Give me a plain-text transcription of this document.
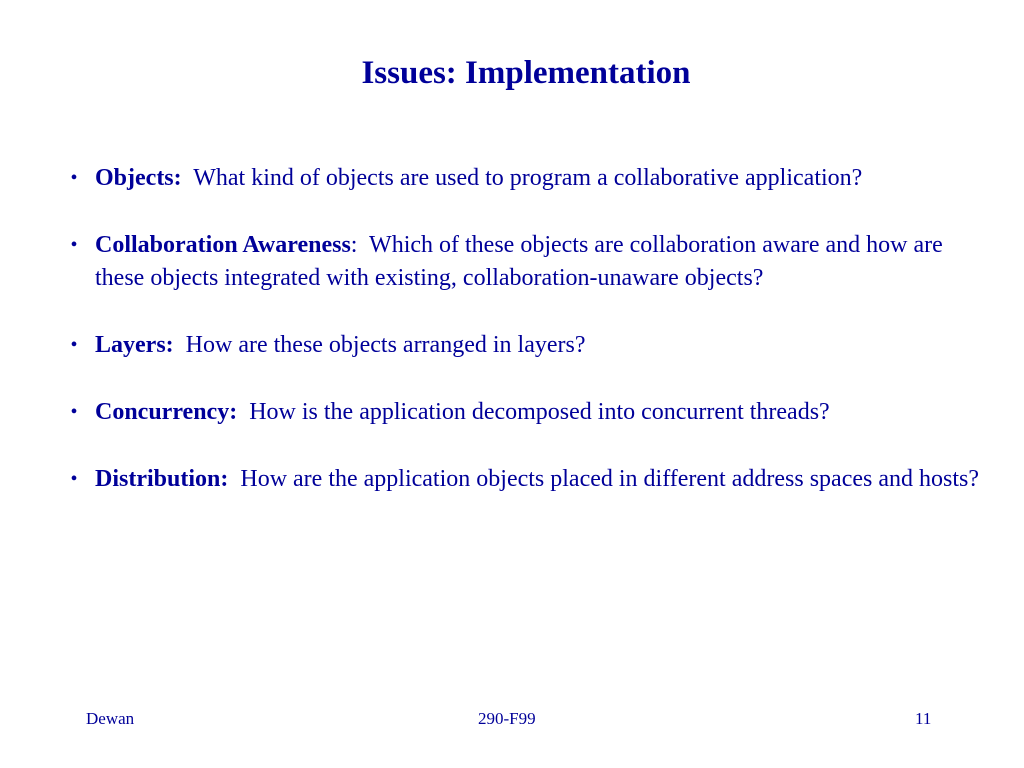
Issues: Implementation
• Objects: What kind of objects are used to program a collaborative application?
• Collaboration Awareness: Which of these objects are collaboration aware and how are these objects integrated with existing, collaboration-unaware objects?
• Layers: How are these objects arranged in layers?
• Concurrency: How is the application decomposed into concurrent threads?
• Distribution: How are the application objects placed in different address spaces and hosts?
Dewan	290-F99	11
